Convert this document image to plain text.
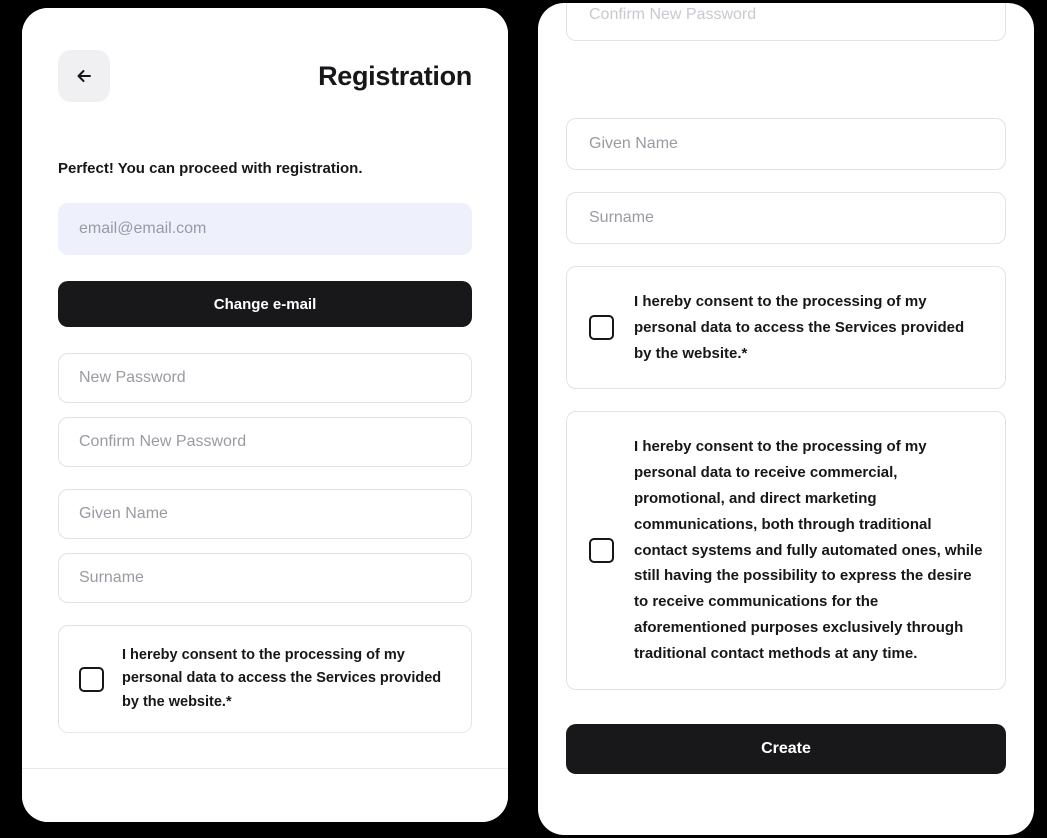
Registration
Perfect! You can proceed with registration.
email@email.com Change e-mail
Given Name
Surname
I hereby consent to the processing of my personal data to access the Services provided by the website.*
Given Name
Surname
I hereby consent to the processing of my personal data to access the Services provided by the website.*
I hereby consent to the processing of my personal data to receive commercial, promotional, and direct marketing communications, both through traditional contact systems and fully automated ones, while still having the possibility to express the desire to receive communications for the aforementioned purposes exclusively through traditional contact methods at any time.
Create
